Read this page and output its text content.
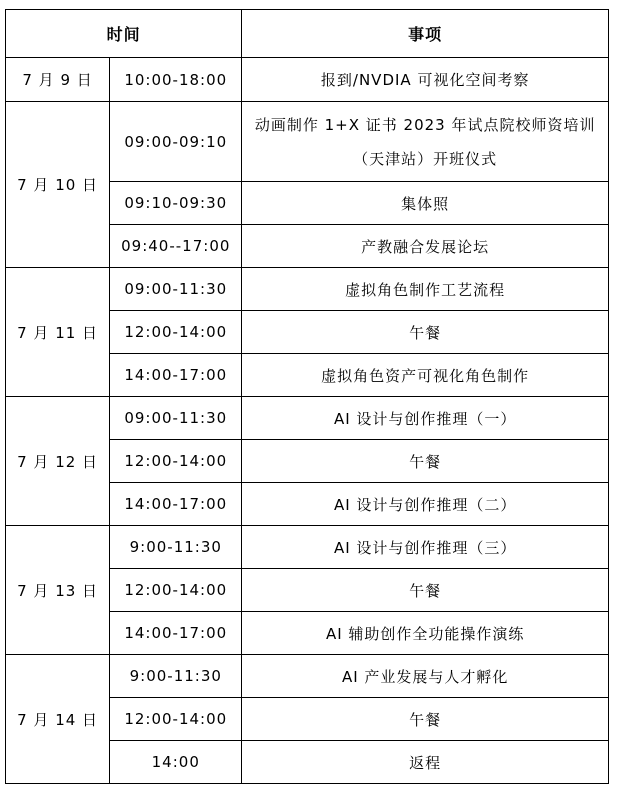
时间		事项
7 月 9 日	10:00-18:00	报到/NVDIA 可视化空间考察
7 月 10 日	09:00-09:10	动画制作 1+X 证书 2023 年试点院校师资培训（天津站）开班仪式
	09:10-09:30	集体照
	09:40--17:00	产教融合发展论坛
7 月 11 日	09:00-11:30	虚拟角色制作工艺流程
	12:00-14:00	午餐
	14:00-17:00	虚拟角色资产可视化角色制作
7 月 12 日	09:00-11:30	AI 设计与创作推理（一）
	12:00-14:00	午餐
	14:00-17:00	AI 设计与创作推理（二）
7 月 13 日	9:00-11:30	AI 设计与创作推理（三）
	12:00-14:00	午餐
	14:00-17:00	AI 辅助创作全功能操作演练
7 月 14 日	9:00-11:30	AI 产业发展与人才孵化
	12:00-14:00	午餐
	14:00	返程
